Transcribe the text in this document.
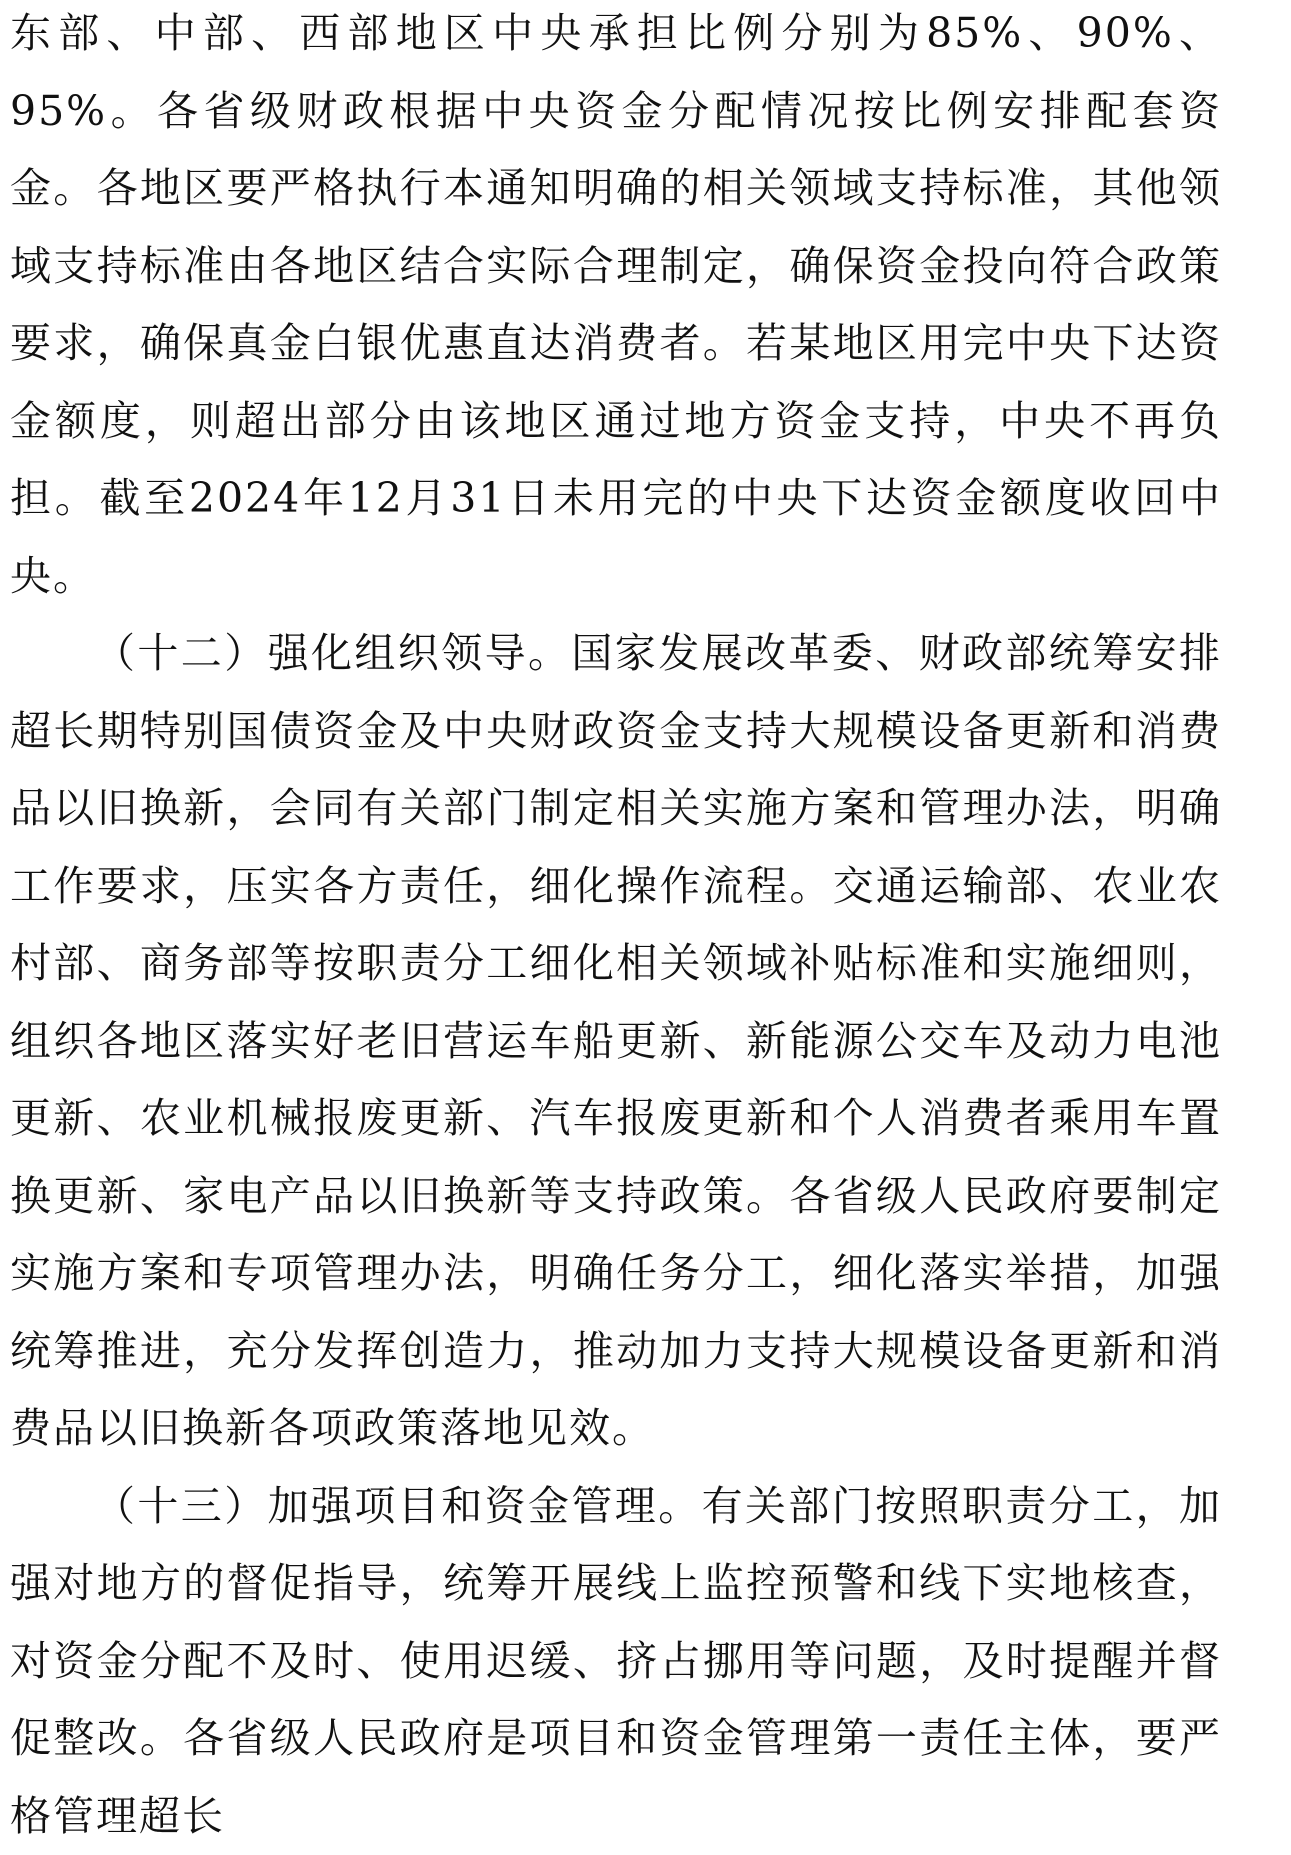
东部、中部、西部地区中央承担比例分别为85%、90%、95%。各省级财政根据中央资金分配情况按比例安排配套资金。各地区要严格执行本通知明确的相关领域支持标准，其他领域支持标准由各地区结合实际合理制定，确保资金投向符合政策要求，确保真金白银优惠直达消费者。若某地区用完中央下达资金额度，则超出部分由该地区通过地方资金支持，中央不再负担。截至2024年12月31日未用完的中央下达资金额度收回中央。

（十二）强化组织领导。国家发展改革委、财政部统筹安排超长期特别国债资金及中央财政资金支持大规模设备更新和消费品以旧换新，会同有关部门制定相关实施方案和管理办法，明确工作要求，压实各方责任，细化操作流程。交通运输部、农业农村部、商务部等按职责分工细化相关领域补贴标准和实施细则，组织各地区落实好老旧营运车船更新、新能源公交车及动力电池更新、农业机械报废更新、汽车报废更新和个人消费者乘用车置换更新、家电产品以旧换新等支持政策。各省级人民政府要制定实施方案和专项管理办法，明确任务分工，细化落实举措，加强统筹推进，充分发挥创造力，推动加力支持大规模设备更新和消费品以旧换新各项政策落地见效。

（十三）加强项目和资金管理。有关部门按照职责分工，加强对地方的督促指导，统筹开展线上监控预警和线下实地核查，对资金分配不及时、使用迟缓、挤占挪用等问题，及时提醒并督促整改。各省级人民政府是项目和资金管理第一责任主体，要严格管理超长
